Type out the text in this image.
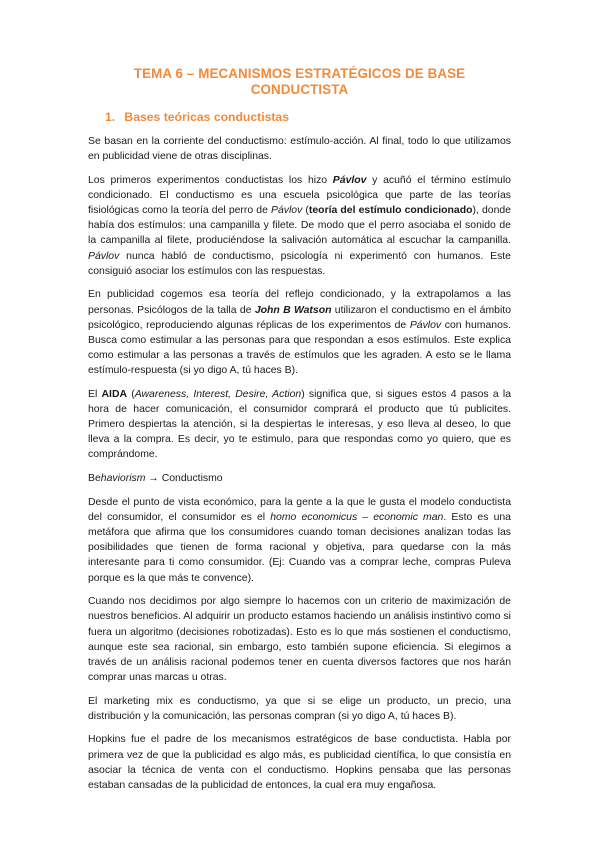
TEMA 6 – MECANISMOS ESTRATÉGICOS DE BASE
CONDUCTISTA
1. Bases teóricas conductistas

Se basan en la corriente del conductismo: estímulo-acción. Al final, todo lo que utilizamos en publicidad viene de otras disciplinas.

Los primeros experimentos conductistas los hizo Pávlov y acuñó el término estímulo condicionado. El conductismo es una escuela psicológica que parte de las teorías fisiológicas como la teoría del perro de Pávlov (teoría del estímulo condicionado), donde había dos estímulos: una campanilla y filete. De modo que el perro asociaba el sonido de la campanilla al filete, produciéndose la salivación automática al escuchar la campanilla. Pávlov nunca habló de conductismo, psicología ni experimentó con humanos. Este consiguió asociar los estímulos con las respuestas.

En publicidad cogemos esa teoría del reflejo condicionado, y la extrapolamos a las personas. Psicólogos de la talla de John B Watson utilizaron el conductismo en el ámbito psicológico, reproduciendo algunas réplicas de los experimentos de Pávlov con humanos. Busca como estimular a las personas para que respondan a esos estímulos. Este explica como estimular a las personas a través de estímulos que les agraden. A esto se le llama estímulo-respuesta (si yo digo A, tú haces B).

El AIDA (Awareness, Interest, Desire, Action) significa que, si sigues estos 4 pasos a la hora de hacer comunicación, el consumidor comprará el producto que tú publicites. Primero despiertas la atención, si la despiertas le interesas, y eso lleva al deseo, lo que lleva a la compra. Es decir, yo te estimulo, para que respondas como yo quiero, que es comprándome.

Behaviorism → Conductismo

Desde el punto de vista económico, para la gente a la que le gusta el modelo conductista del consumidor, el consumidor es el homo economicus – economic man. Esto es una metáfora que afirma que los consumidores cuando toman decisiones analizan todas las posibilidades que tienen de forma racional y objetiva, para quedarse con la más interesante para ti como consumidor. (Ej: Cuando vas a comprar leche, compras Puleva porque es la que más te convence).

Cuando nos decidimos por algo siempre lo hacemos con un criterio de maximización de nuestros beneficios. Al adquirir un producto estamos haciendo un análisis instintivo como si fuera un algoritmo (decisiones robotizadas). Esto es lo que más sostienen el conductismo, aunque este sea racional, sin embargo, esto también supone eficiencia. Si elegimos a través de un análisis racional podemos tener en cuenta diversos factores que nos harán comprar unas marcas u otras.

El marketing mix es conductismo, ya que si se elige un producto, un precio, una distribución y la comunicación, las personas compran (si yo digo A, tú haces B).

Hopkins fue el padre de los mecanismos estratégicos de base conductista. Habla por primera vez de que la publicidad es algo más, es publicidad científica, lo que consistía en asociar la técnica de venta con el conductismo. Hopkins pensaba que las personas estaban cansadas de la publicidad de entonces, la cual era muy engañosa.
